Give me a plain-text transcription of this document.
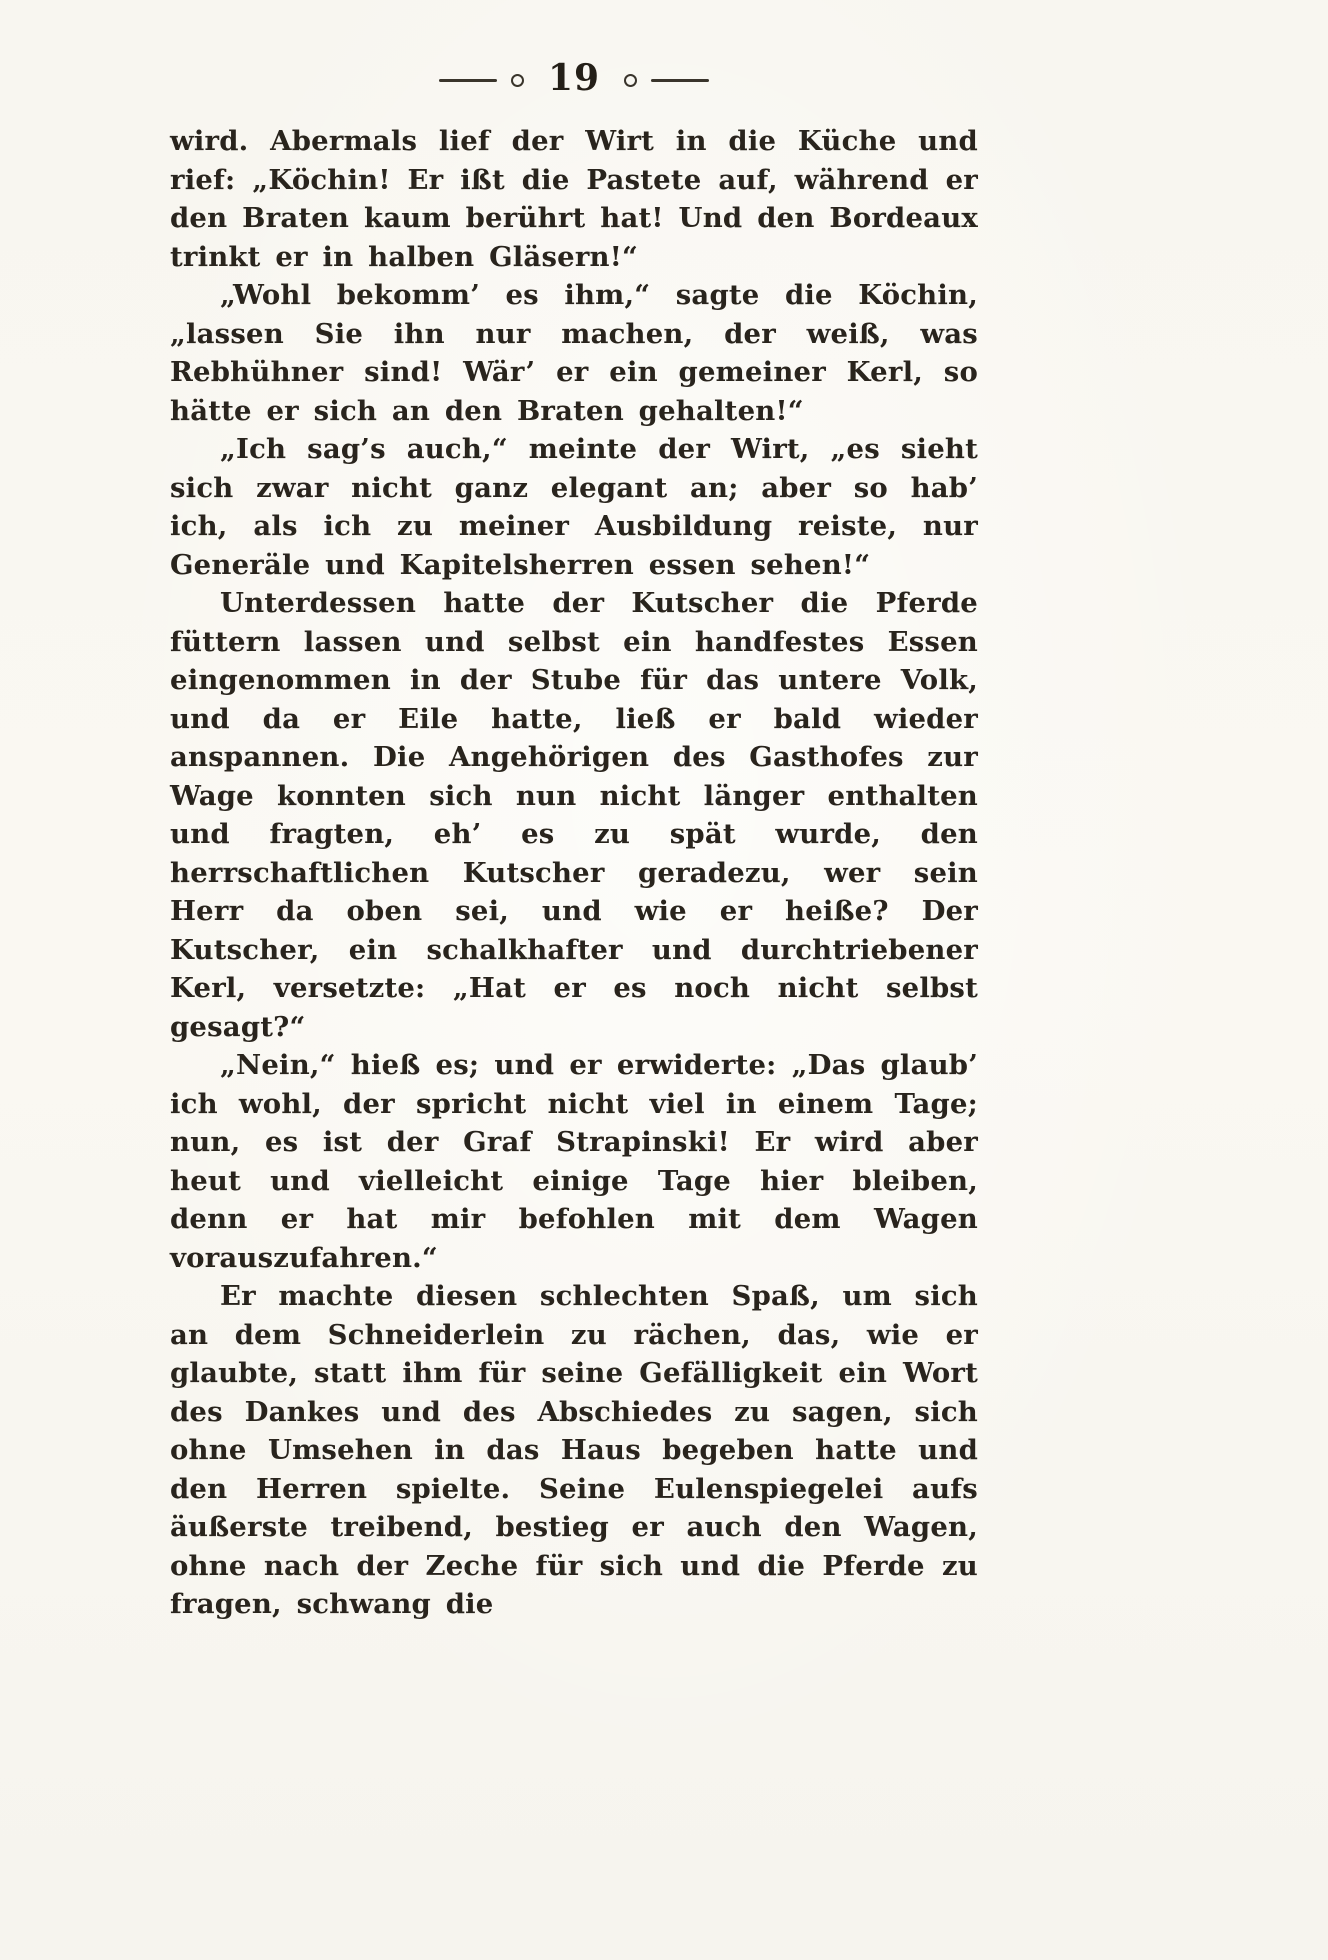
19

wird. Abermals lief der Wirt in die Küche und rief: „Köchin! Er ißt die Pastete auf, während er den Braten kaum berührt hat! Und den Bordeaux trinkt er in halben Gläsern!“

„Wohl bekomm’ es ihm,“ sagte die Köchin, „lassen Sie ihn nur machen, der weiß, was Rebhühner sind! Wär’ er ein gemeiner Kerl, so hätte er sich an den Braten gehalten!“

„Ich sag’s auch,“ meinte der Wirt, „es sieht sich zwar nicht ganz elegant an; aber so hab’ ich, als ich zu meiner Ausbildung reiste, nur Generäle und Kapitelsherren essen sehen!“

Unterdessen hatte der Kutscher die Pferde füttern lassen und selbst ein handfestes Essen eingenommen in der Stube für das untere Volk, und da er Eile hatte, ließ er bald wieder anspannen. Die Angehörigen des Gasthofes zur Wage konnten sich nun nicht länger enthalten und fragten, eh’ es zu spät wurde, den herrschaftlichen Kutscher geradezu, wer sein Herr da oben sei, und wie er heiße? Der Kutscher, ein schalkhafter und durchtriebener Kerl, versetzte: „Hat er es noch nicht selbst gesagt?“

„Nein,“ hieß es; und er erwiderte: „Das glaub’ ich wohl, der spricht nicht viel in einem Tage; nun, es ist der Graf Strapinski! Er wird aber heut und vielleicht einige Tage hier bleiben, denn er hat mir befohlen mit dem Wagen vorauszufahren.“

Er machte diesen schlechten Spaß, um sich an dem Schneiderlein zu rächen, das, wie er glaubte, statt ihm für seine Gefälligkeit ein Wort des Dankes und des Abschiedes zu sagen, sich ohne Umsehen in das Haus begeben hatte und den Herren spielte. Seine Eulenspiegelei aufs äußerste treibend, bestieg er auch den Wagen, ohne nach der Zeche für sich und die Pferde zu fragen, schwang die
